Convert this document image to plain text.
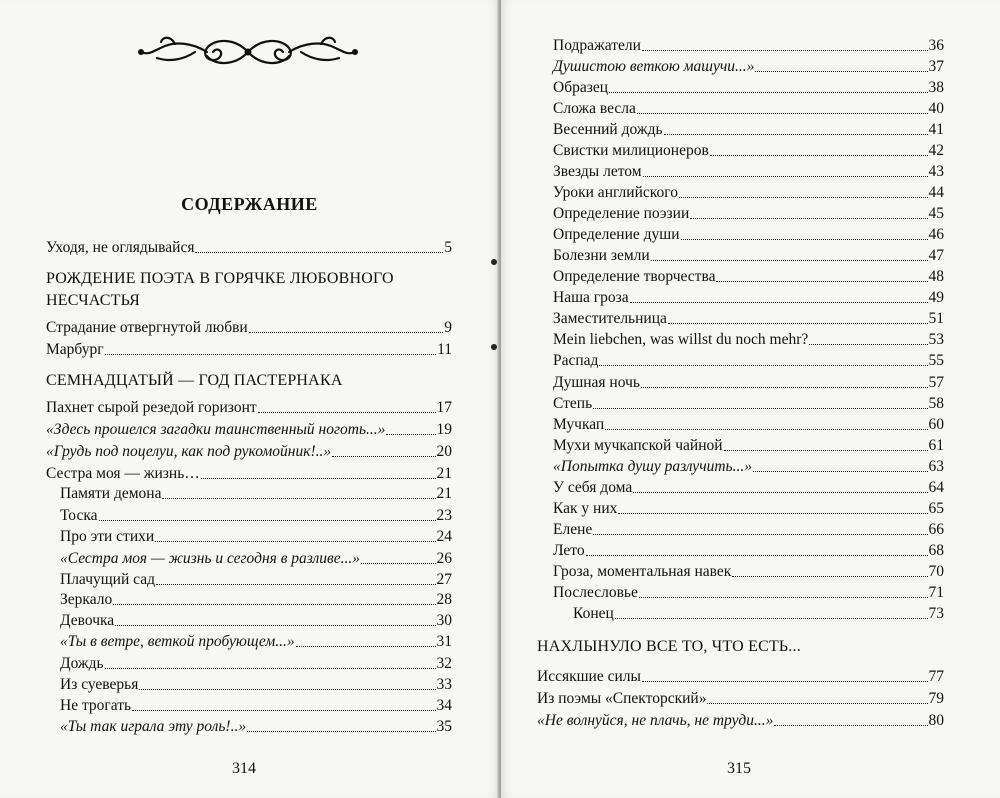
СОДЕРЖАНИЕ
Уходя, не оглядывайся	5
РОЖДЕНИЕ ПОЭТА В ГОРЯЧКЕ ЛЮБОВНОГО
НЕСЧАСТЬЯ
Страдание отвергнутой любви	9
Марбург	11
СЕМНАДЦАТЫЙ — ГОД ПАСТЕРНАКА
Пахнет сырой резедой горизонт	17
«Здесь прошелся загадки таинственный ноготь...»	19
«Грудь под поцелуи, как под рукомойник!..»	20
Сестра моя — жизнь…	21
Памяти демона	21
Тоска	23
Про эти стихи	24
«Сестра моя — жизнь и сегодня в разливе...»	26
Плачущий сад	27
Зеркало	28
Девочка	30
«Ты в ветре, веткой пробующем...»	31
Дождь	32
Из суеверья	33
Не трогать	34
«Ты так играла эту роль!..»	35
314
Подражатели	36
Душистою веткою машучи...»	37
Образец	38
Сложа весла	40
Весенний дождь	41
Свистки милиционеров	42
Звезды летом	43
Уроки английского	44
Определение поэзии	45
Определение души	46
Болезни земли	47
Определение творчества	48
Наша гроза	49
Заместительница	51
Mein liebchen, was willst du noch mehr?	53
Распад	55
Душная ночь	57
Степь	58
Мучкап	60
Мухи мучкапской чайной	61
«Попытка душу разлучить...»	63
У себя дома	64
Как у них	65
Елене	66
Лето	68
Гроза, моментальная навек	70
Послесловье	71
Конец	73
НАХЛЫНУЛО ВСЕ ТО, ЧТО ЕСТЬ...
Иссякшие силы	77
Из поэмы «Спекторский»	79
«Не волнуйся, не плачь, не труди...»	80
315
